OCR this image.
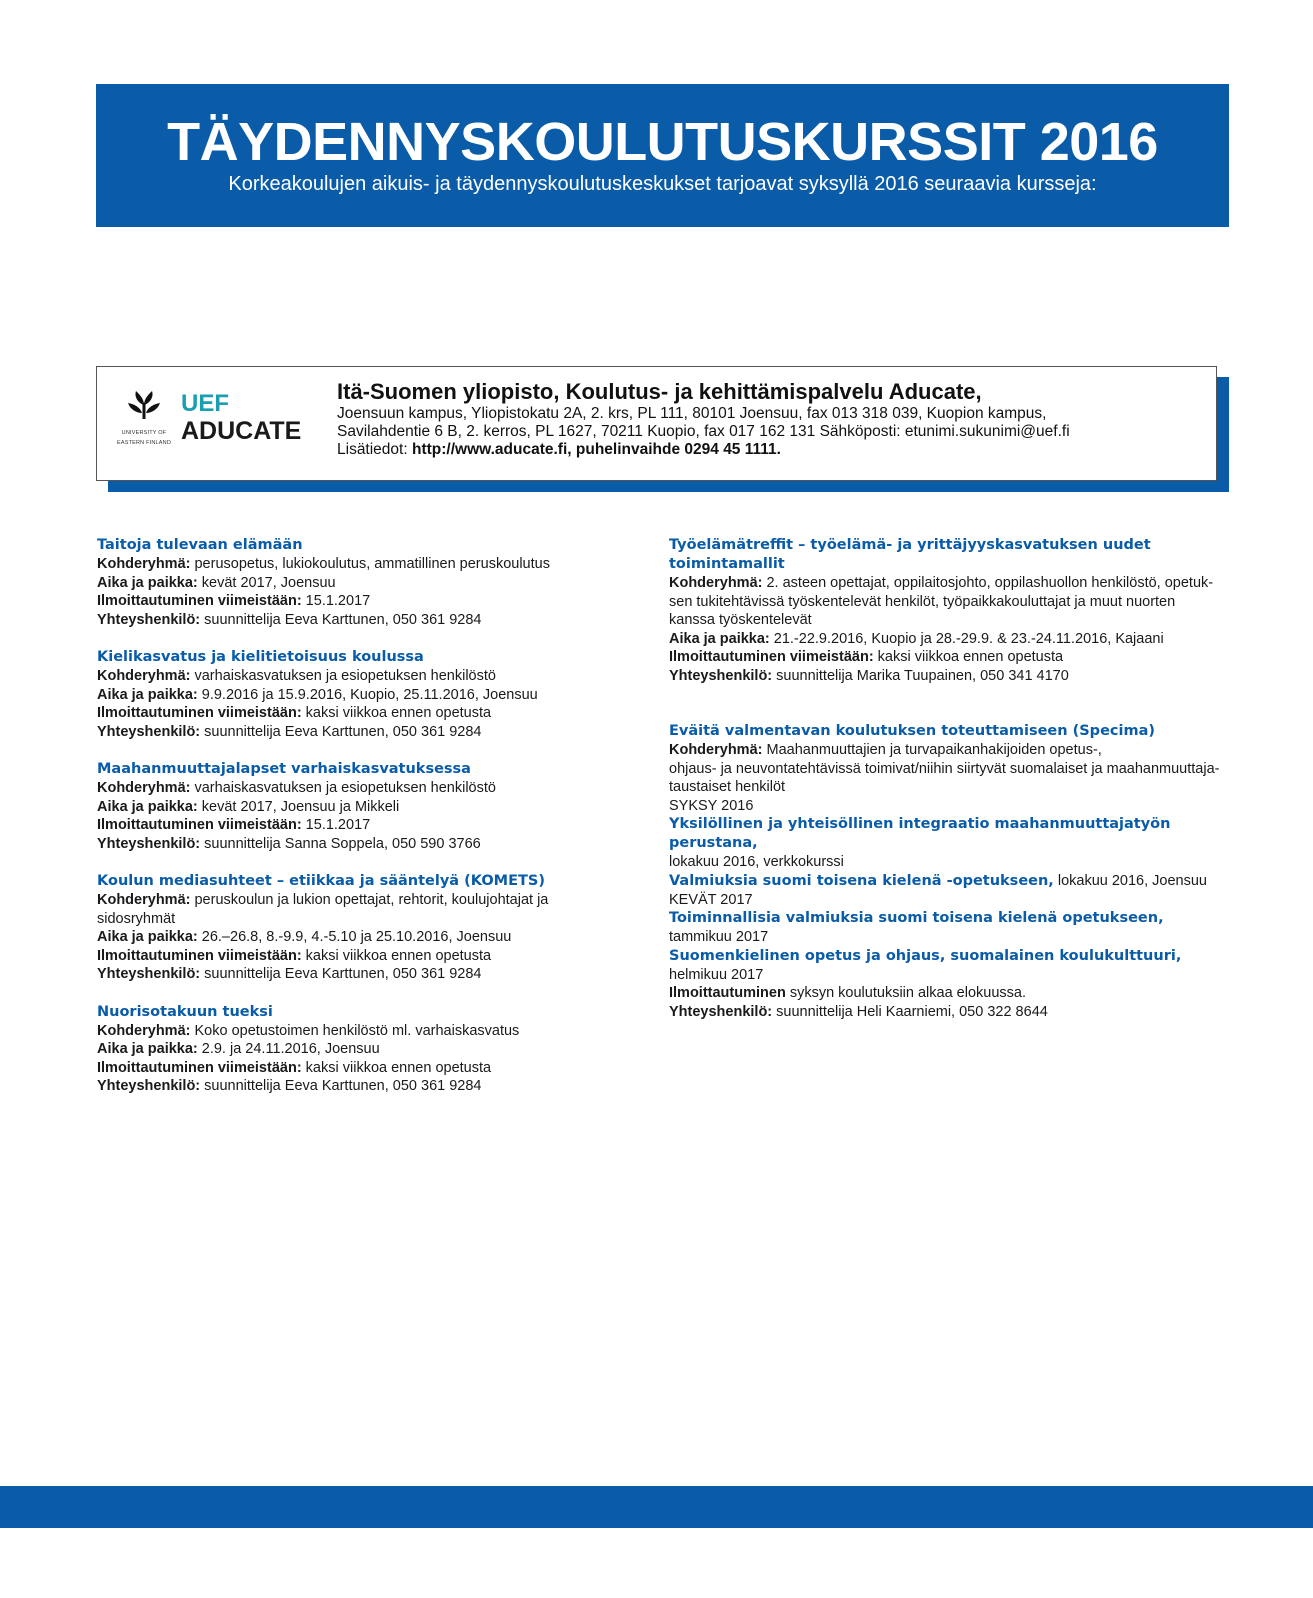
TÄYDENNYSKOULUTUSKURSSIT 2016

Korkeakoulujen aikuis- ja täydennyskoulutuskeskukset tarjoavat syksyllä 2016 seuraavia kursseja:

UNIVERSITY OF
EASTERN FINLAND
UEF
ADUCATE
Itä-Suomen yliopisto, Koulutus- ja kehittämispalvelu Aducate,
Joensuun kampus, Yliopistokatu 2A, 2. krs, PL 111, 80101 Joensuu, fax 013 318 039, Kuopion kampus,
Savilahdentie 6 B, 2. kerros, PL 1627, 70211 Kuopio, fax 017 162 131 Sähköposti: etunimi.sukunimi@uef.fi
Lisätiedot: http://www.aducate.fi, puhelinvaihde 0294 45 1111.

Taitoja tulevaan elämään

Kohderyhmä: perusopetus, lukiokoulutus, ammatillinen peruskoulutus

Aika ja paikka: kevät 2017, Joensuu

Ilmoittautuminen viimeistään: 15.1.2017

Yhteyshenkilö: suunnittelija Eeva Karttunen, 050 361 9284

Kielikasvatus ja kielitietoisuus koulussa

Kohderyhmä: varhaiskasvatuksen ja esiopetuksen henkilöstö

Aika ja paikka: 9.9.2016 ja 15.9.2016, Kuopio, 25.11.2016, Joensuu

Ilmoittautuminen viimeistään: kaksi viikkoa ennen opetusta

Yhteyshenkilö: suunnittelija Eeva Karttunen, 050 361 9284

Maahanmuuttajalapset varhaiskasvatuksessa

Kohderyhmä: varhaiskasvatuksen ja esiopetuksen henkilöstö

Aika ja paikka: kevät 2017, Joensuu ja Mikkeli

Ilmoittautuminen viimeistään: 15.1.2017

Yhteyshenkilö: suunnittelija Sanna Soppela, 050 590 3766

Koulun mediasuhteet – etiikkaa ja sääntelyä (KOMETS)

Kohderyhmä: peruskoulun ja lukion opettajat, rehtorit, koulujohtajat ja sidosryhmät

Aika ja paikka: 26.–26.8, 8.-9.9, 4.-5.10 ja 25.10.2016, Joensuu

Ilmoittautuminen viimeistään: kaksi viikkoa ennen opetusta

Yhteyshenkilö: suunnittelija Eeva Karttunen, 050 361 9284

Nuorisotakuun tueksi

Kohderyhmä: Koko opetustoimen henkilöstö ml. varhaiskasvatus

Aika ja paikka: 2.9. ja 24.11.2016, Joensuu

Ilmoittautuminen viimeistään: kaksi viikkoa ennen opetusta

Yhteyshenkilö: suunnittelija Eeva Karttunen, 050 361 9284

Työelämätreffit – työelämä- ja yrittäjyyskasvatuksen uudet

toimintamallit

Kohderyhmä: 2. asteen opettajat, oppilaitosjohto, oppilashuollon henkilöstö, opetuk-

sen tukitehtävissä työskentelevät henkilöt, työpaikkakouluttajat ja muut nuorten

kanssa työskentelevät

Aika ja paikka: 21.-22.9.2016, Kuopio ja 28.-29.9. & 23.-24.11.2016, Kajaani

Ilmoittautuminen viimeistään: kaksi viikkoa ennen opetusta

Yhteyshenkilö: suunnittelija Marika Tuupainen, 050 341 4170

Eväitä valmentavan koulutuksen toteuttamiseen (Specima)

Kohderyhmä: Maahanmuuttajien ja turvapaikanhakijoiden opetus-,

ohjaus- ja neuvontatehtävissä toimivat/niihin siirtyvät suomalaiset ja maahanmuuttaja-

taustaiset henkilöt

SYKSY 2016

Yksilöllinen ja yhteisöllinen integraatio maahanmuuttajatyön perustana,

lokakuu 2016, verkkokurssi

Valmiuksia suomi toisena kielenä -opetukseen, lokakuu 2016, Joensuu

KEVÄT 2017

Toiminnallisia valmiuksia suomi toisena kielenä opetukseen,

tammikuu 2017

Suomenkielinen opetus ja ohjaus, suomalainen koulukulttuuri,

helmikuu 2017

Ilmoittautuminen syksyn koulutuksiin alkaa elokuussa.

Yhteyshenkilö: suunnittelija Heli Kaarniemi, 050 322 8644
